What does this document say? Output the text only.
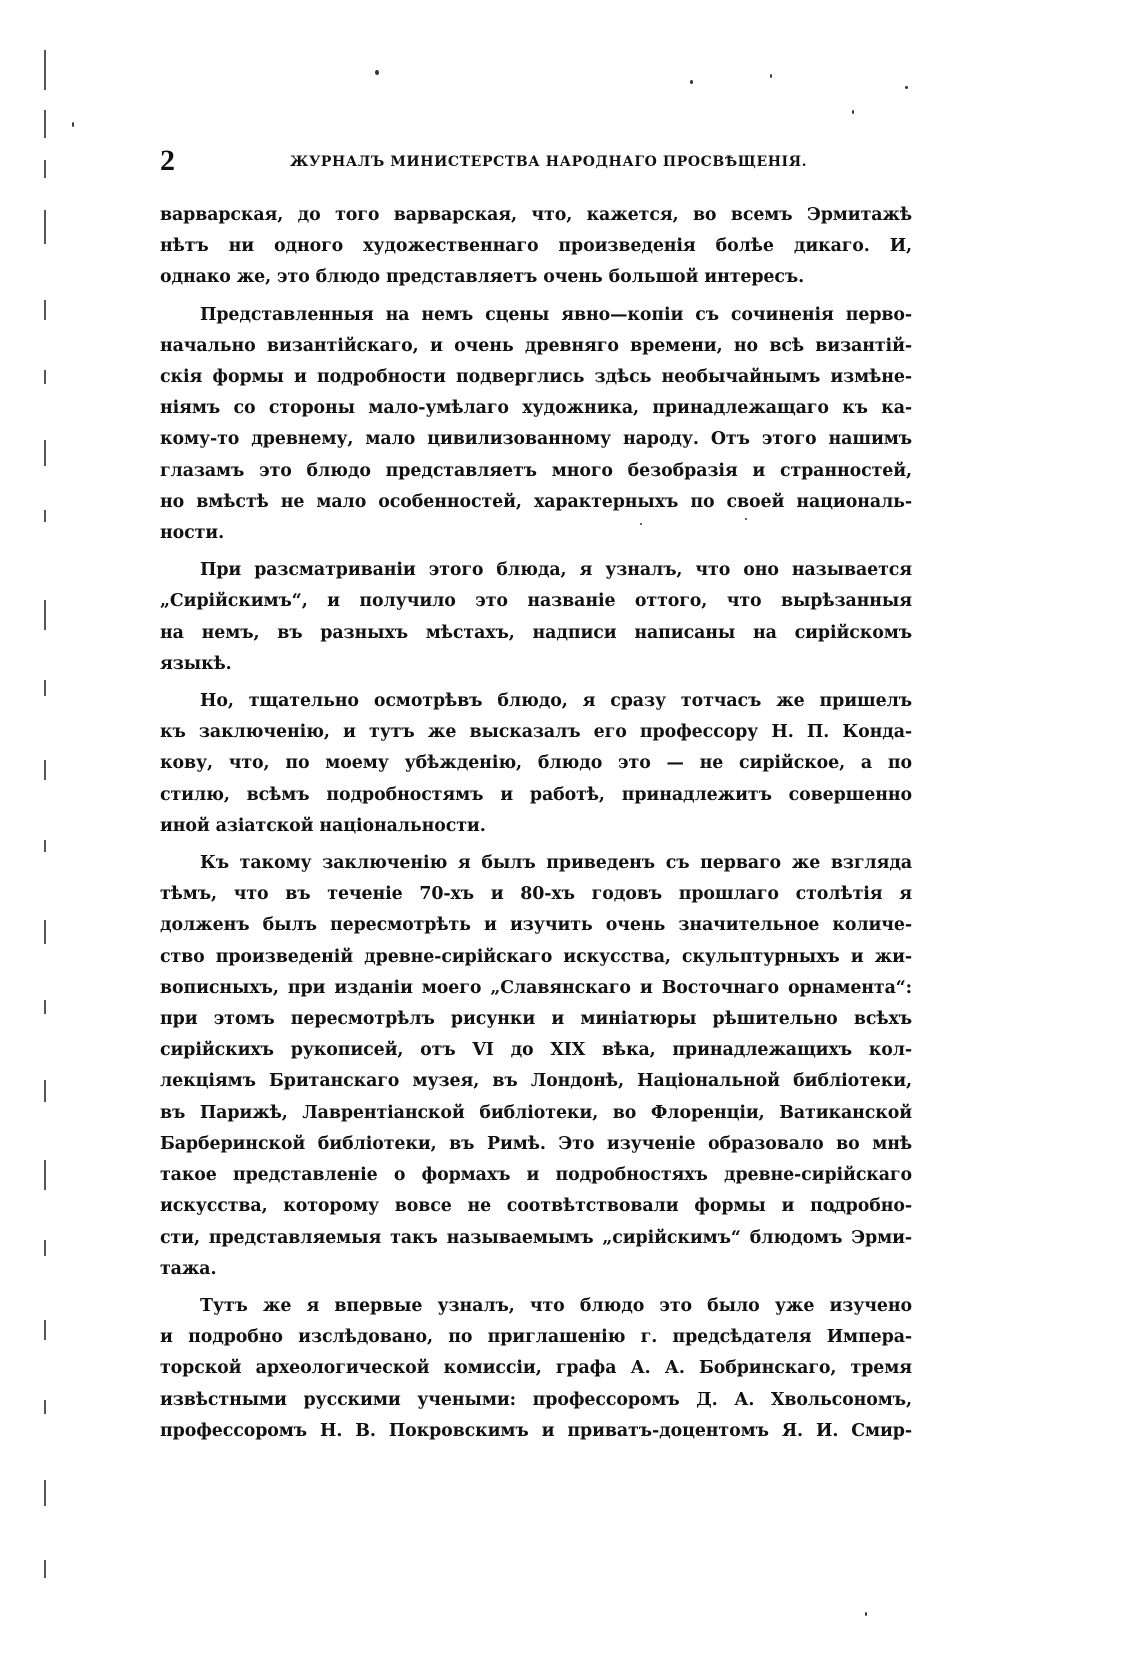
2	ЖУРНАЛЪ МИНИСТЕРСТВА НАРОДНАГО ПРОСВѢЩЕНІЯ.

варварская, до того варварская, что, кажется, во всемъ Эрмитажѣ
нѣтъ ни одного художественнаго произведенія болѣе дикаго. И,
однако же, это блюдо представляетъ очень большой интересъ.

Представленныя на немъ сцены явно—копіи съ сочиненія перво-
начально византійскаго, и очень древняго времени, но всѣ византій-
скія формы и подробности подверглись здѣсь необычайнымъ измѣне-
ніямъ со стороны мало-умѣлаго художника, принадлежащаго къ ка-
кому-то древнему, мало цивилизованному народу. Отъ этого нашимъ
глазамъ это блюдо представляетъ много безобразія и странностей,
но вмѣстѣ не мало особенностей, характерныхъ по своей националь-
ности.

При разсматриваніи этого блюда, я узналъ, что оно называется
„Сирійскимъ“, и получило это названіе оттого, что вырѣзанныя
на немъ, въ разныхъ мѣстахъ, надписи написаны на сирійскомъ
языкѣ.

Но, тщательно осмотрѣвъ блюдо, я сразу тотчасъ же пришелъ
къ заключенію, и тутъ же высказалъ его профессору Н. П. Конда-
кову, что, по моему убѣжденію, блюдо это — не сирійское, а по
стилю, всѣмъ подробностямъ и работѣ, принадлежитъ совершенно
иной азіатской національности.

Къ такому заключенію я былъ приведенъ съ перваго же взгляда
тѣмъ, что въ теченіе 70-хъ и 80-хъ годовъ прошлаго столѣтія я
долженъ былъ пересмотрѣть и изучить очень значительное количе-
ство произведеній древне-сирійскаго искусства, скульптурныхъ и жи-
вописныхъ, при изданіи моего „Славянскаго и Восточнаго орнамента“:
при этомъ пересмотрѣлъ рисунки и миніатюры рѣшительно всѣхъ
сирійскихъ рукописей, отъ VI до XIX вѣка, принадлежащихъ кол-
лекціямъ Британскаго музея, въ Лондонѣ, Національной библіотеки,
въ Парижѣ, Лаврентіанской библіотеки, во Флоренціи, Ватиканской
Барберинской библіотеки, въ Римѣ. Это изученіе образовало во мнѣ
такое представленіе о формахъ и подробностяхъ древне-сирійскаго
искусства, которому вовсе не соотвѣтствовали формы и подробно-
сти, представляемыя такъ называемымъ „сирійскимъ“ блюдомъ Эрми-
тажа.

Тутъ же я впервые узналъ, что блюдо это было уже изучено
и подробно изслѣдовано, по приглашенію г. предсѣдателя Импера-
торской археологической комиссіи, графа А. А. Бобринскаго, тремя
извѣстными русскими учеными: профессоромъ Д. А. Хвольсономъ,
профессоромъ Н. В. Покровскимъ и приватъ-доцентомъ Я. И. Смир-
